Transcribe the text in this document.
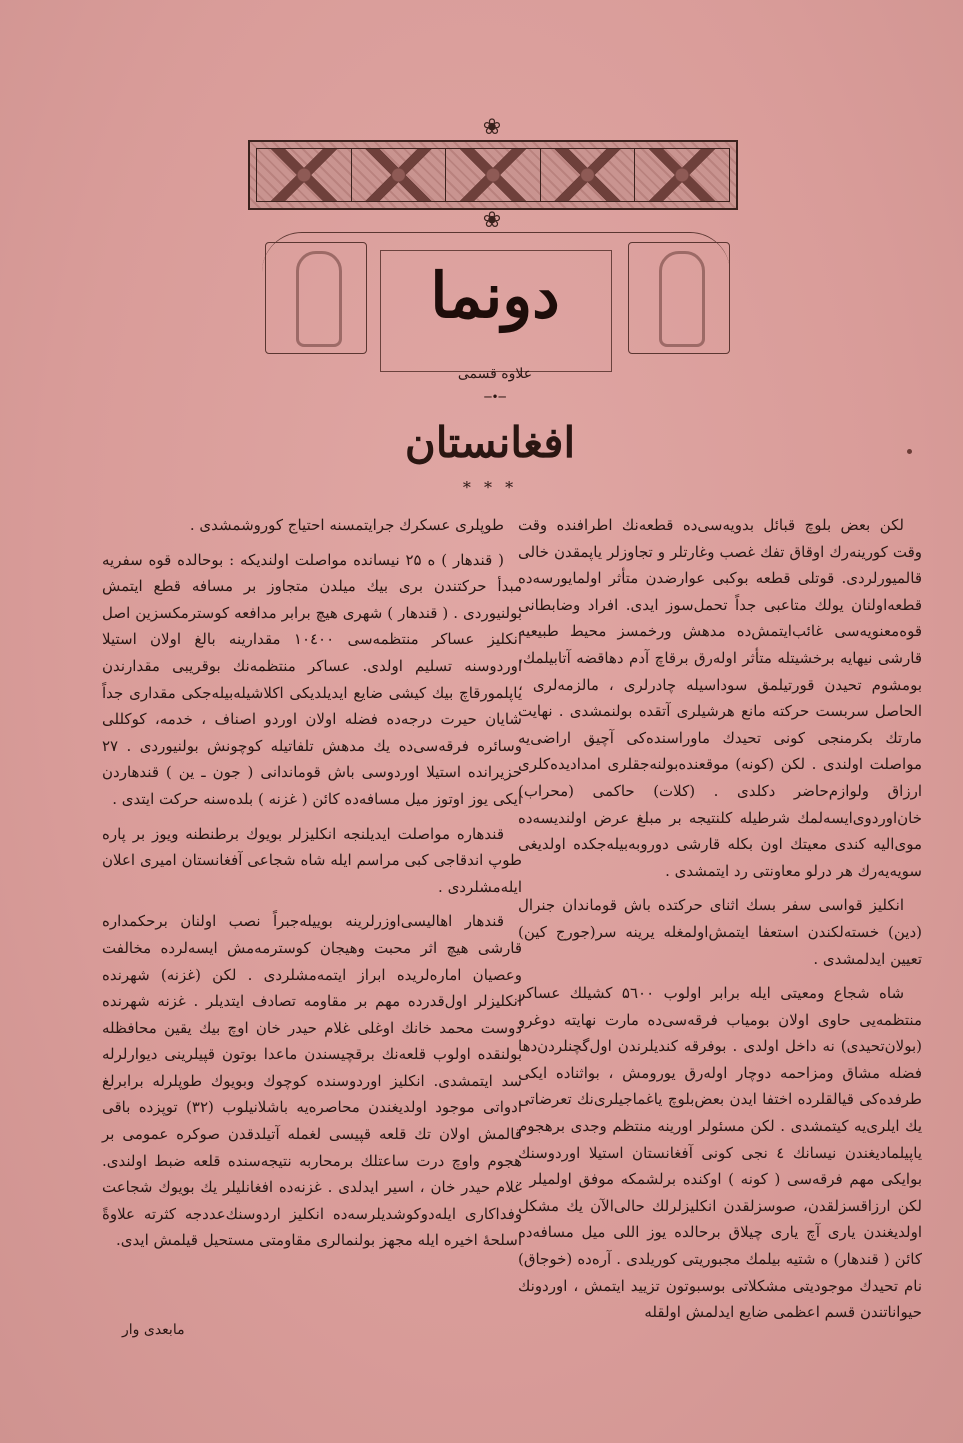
❀
❀
دونما
علاوه قسمی
─•─
افغانستان
* * *

لكن بعض بلوچ قبائل بدويه‌سی‌ده قطعه‌نك اطرافنده وقت وقت كورينه‌رك اوقاق تفك غصب وغارتلر و تجاوزلر یاپمقدن خالی قالمیورلردی. قوتلی قطعه بوكبی عوارضدن متأثر اولمایورسه‌ده قطعه‌اولنان یولك متاعبی جداً تحمل‌سوز ایدی. افراد وضابطانی قوه‌معنویه‌سی غائب‌ایتمش‌ده مدهش ورخمسز محیط طبیعیه قارشی نیهایه برخشیتله متأثر اوله‌رق برقاچ آدم دهاقضه آتابیلمك، بومشوم تحیدن قورتیلمق سوداسیله چادرلری ، مالزمه‌لری ، الحاصل سربست حركته مانع هرشیلری آتقده بولنمشدی . نهایت مارتك بكرمنجی كونی تحیدك ماوراسنده‌كی آچیق اراضی‌یه مواصلت اولندی . لكن (كونه) موقعنده‌بولنه‌جقلری امدادیده‌كلری ارزاق ولوازم‌حاضر دكلدی . (كلات) حاكمی (محراب) خان‌اوردوی‌ایسه‌لمك شرطیله كلنتیجه بر مبلغ عرض اولندیسه‌ده موی‌الیه كندی معیتك اون بكله قارشی دوروبه‌بیله‌جكده اولدیغی سویه‌یه‌رك هر درلو معاونتی رد ایتمشدی .

انكلیز قواسی سفر بسك اثنای حركتده باش قوماندان جنرال (دین) خسته‌لكندن استعفا ایتمش‌اولمغله یرینه سر(جورج كین) تعیین ایدلمشدی .

شاه شجاع ومعیتی ایله برابر اولوب ۵٦۰۰ كشیلك عساكر منتظمه‌یی حاوی اولان بومیاب فرقه‌سی‌ده مارت نهایته دوغرو (بولان‌تحیدی) نه داخل اولدی . بوفرقه كندیلرندن اول‌گچنلردن‌دها فضله مشاق ومزاحمه دوچار اوله‌رق یورومش ، بواثناده ایكی طرفده‌كی قیالقلرده اختفا ایدن بعض‌بلوچ یاغماجیلری‌نك تعرضاتی یك ایلری‌یه كیتمشدی . لكن مسئولر اورینه منتظم وجدی برهجوم یاپیلمادیغندن نیسانك ٤ نجی كونی آفغانستان استیلا اوردوسنك بوایكی مهم فرقه‌سی ( كونه ) اوكنده برلشمكه موفق اولمیلر . لكن ارزاقسزلقدن، صوسزلقدن انكلیزلرلك حالی‌الآن یك مشكل اولدیغندن یاری آچ یاری چیلاق برحالده یوز اللی میل مسافه‌ده كائن ( قندهار) ه شتیه بیلمك مجبوریتی كوریلدی . آره‌ده (خوجاق) نام تحیدك موجودیتی مشكلاتی بوسبوتون تزیید ایتمش ، اوردونك حیواناتندن قسم اعظمی ضایع ایدلمش اولقله

طوپلری عسكرك جرایتمسنه احتیاج كوروشمشدی .

( قندهار ) ه ۲۵ نیسانده مواصلت اولندیكه : بوحالده قوه سفریه مبدأ حركتندن بری بیك میلدن متجاوز بر مسافه قطع ایتمش بولنیوردی . ( قندهار ) شهری هیچ برابر مدافعه كوسترمكسزین اصل انكلیز عساكر منتظمه‌سی ۱۰٤۰۰ مقدارینه بالغ اولان استیلا اوردوسنه تسلیم اولدی. عساكر منتظمه‌نك بوقریبی مقدارندن یاپلمورقاچ بیك كیشی ضایع ایدیلدیكی اكلاشیله‌بیله‌جكی مقداری جداً شایان حیرت درجه‌ده فضله اولان اوردو اصناف ، خدمه، كوكللی وسائره فرقه‌سی‌ده یك مدهش تلفاتیله كوچونش بولنیوردی . ۲۷ حزیرانده استیلا اوردوسی باش قوماندانی ( جون ـ ین ) قندهاردن ایكی یوز اوتوز میل مسافه‌ده كائن ( غزنه ) بلده‌سنه حركت ایتدی .

قندهاره مواصلت ایدیلنجه انكلیزلر بویوك برطنطنه ویوز بر پاره طوپ اندقاجی كبی مراسم ایله شاه شجاعی آفغانستان امیری اعلان ایله‌مشلردی .

قندهار اهالیسی‌اوزرلرینه بوییله‌جبراً نصب اولنان برحكمداره قارشی هیچ اثر محبت وهیجان كوسترمه‌مش ایسه‌لرده مخالفت وعصیان اماره‌لریده ابراز ایتمه‌مشلردی . لكن (غزنه) شهرنده انكلیزلر اول‌قدرده مهم بر مقاومه تصادف ایتدیلر . غزنه شهرنده دوست محمد خانك اوغلی غلام حیدر خان اوچ بیك یقین محافظله بولنقده اولوب قلعه‌نك برقچیسندن ماعدا بوتون قپیلرینی دیوارلرله سد ایتمشدی. انكلیز اوردوسنده كوچوك وبویوك طوپلرله برابرلغ ادواتی موجود اولدیغندن محاصره‌یه باشلانیلوب (۳۲) توپزده باقی قالمش اولان تك قلعه قپیسی لغمله آتیلدقدن صوكره عمومی بر هجوم واوچ درت ساعتلك برمحاربه نتیجه‌سنده قلعه ضبط اولندی. غلام حیدر خان ، اسیر ایدلدی . غزنه‌ده افغانلیلر یك بویوك شجاعت وفداكاری ایله‌دوكوشدیلرسه‌ده انكلیز اردوسنك‌عددجه كثرته علاوةً اسلحهٔ اخیره ایله مجهز بولنمالری مقاومتی مستحیل قیلمش ایدی.

مابعدی وار
